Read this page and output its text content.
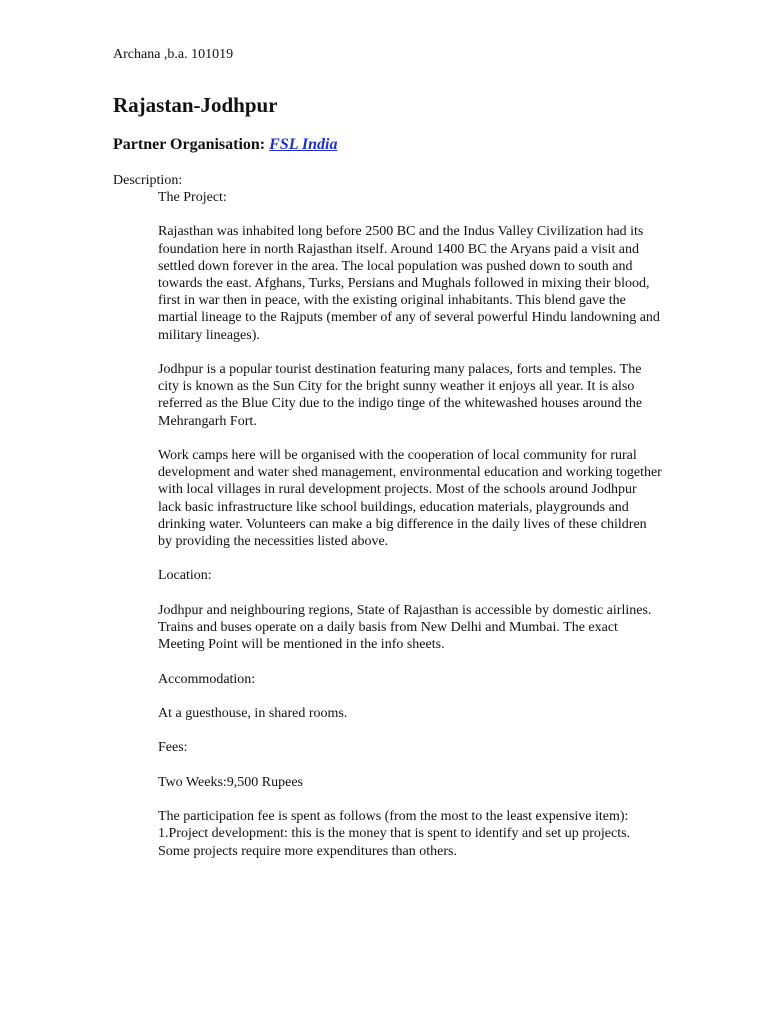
Archana ,b.a. 101019
Rajastan-Jodhpur
Partner Organisation: FSL India
Description:

The Project:

Rajasthan was inhabited long before 2500 BC and the Indus Valley Civilization had its foundation here in north Rajasthan itself. Around 1400 BC the Aryans paid a visit and settled down forever in the area. The local population was pushed down to south and towards the east. Afghans, Turks, Persians and Mughals followed in mixing their blood, first in war then in peace, with the existing original inhabitants. This blend gave the martial lineage to the Rajputs (member of any of several powerful Hindu landowning and military lineages).

Jodhpur is a popular tourist destination featuring many palaces, forts and temples. The city is known as the Sun City for the bright sunny weather it enjoys all year. It is also referred as the Blue City due to the indigo tinge of the whitewashed houses around the Mehrangarh Fort.

Work camps here will be organised with the cooperation of local community for rural development and water shed management, environmental education and working together with local villages in rural development projects. Most of the schools around Jodhpur lack basic infrastructure like school buildings, education materials, playgrounds and drinking water. Volunteers can make a big difference in the daily lives of these children by providing the necessities listed above.

Location:

Jodhpur and neighbouring regions, State of Rajasthan is accessible by domestic airlines. Trains and buses operate on a daily basis from New Delhi and Mumbai. The exact Meeting Point will be mentioned in the info sheets.

Accommodation:

At a guesthouse, in shared rooms.

Fees:

Two Weeks:9,500 Rupees

The participation fee is spent as follows (from the most to the least expensive item):

1.Project development: this is the money that is spent to identify and set up projects. Some projects require more expenditures than others.
